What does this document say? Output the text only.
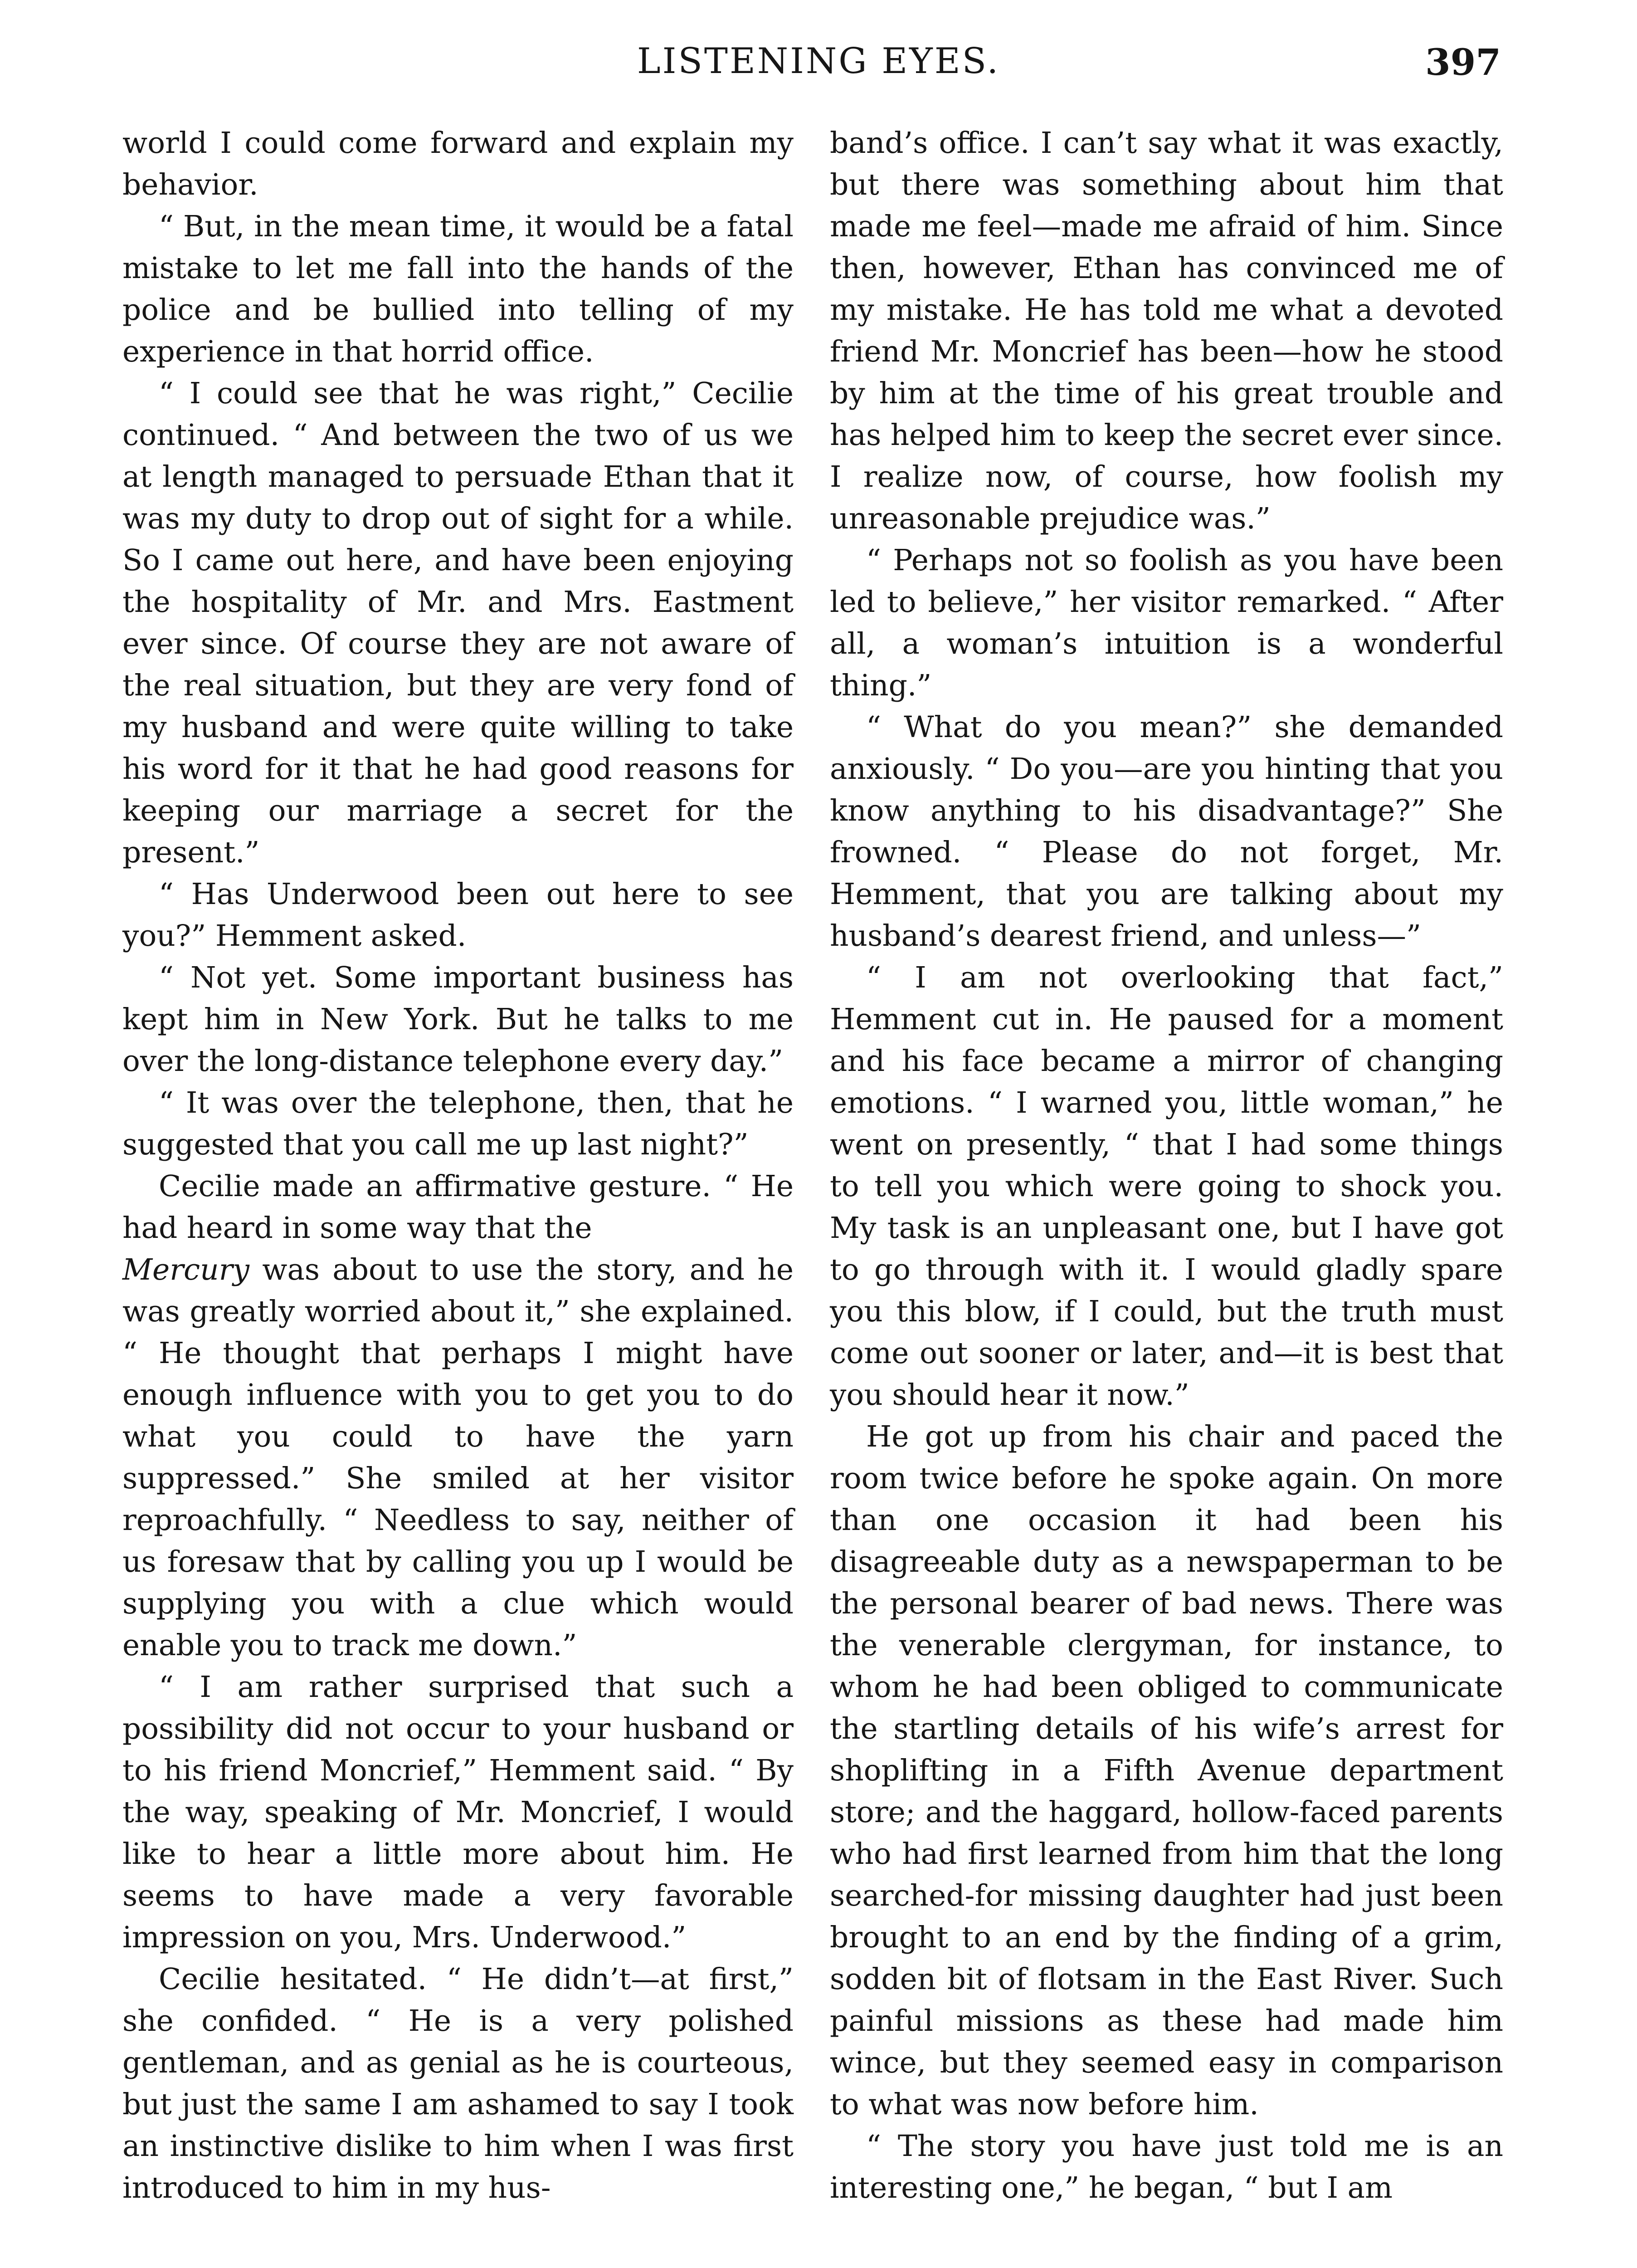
LISTENING EYES.	397

world I could come forward and explain my behavior.

“ But, in the mean time, it would be a fatal mistake to let me fall into the hands of the police and be bullied into telling of my experience in that horrid office.

“ I could see that he was right,” Cecilie continued. “ And between the two of us we at length managed to persuade Ethan that it was my duty to drop out of sight for a while. So I came out here, and have been enjoying the hospitality of Mr. and Mrs. Eastment ever since. Of course they are not aware of the real situation, but they are very fond of my husband and were quite willing to take his word for it that he had good reasons for keeping our marriage a secret for the present.”

“ Has Underwood been out here to see you?” Hemment asked.

“ Not yet. Some important business has kept him in New York. But he talks to me over the long-distance telephone every day.”

“ It was over the telephone, then, that he suggested that you call me up last night?”

Cecilie made an affirmative gesture. “ He had heard in some way that the

Mercury was about to use the story, and he was greatly worried about it,” she explained. “ He thought that perhaps I might have enough influence with you to get you to do what you could to have the yarn suppressed.” She smiled at her visitor reproachfully. “ Needless to say, neither of us foresaw that by calling you up I would be supplying you with a clue which would enable you to track me down.”

“ I am rather surprised that such a possibility did not occur to your husband or to his friend Moncrief,” Hemment said. “ By the way, speaking of Mr. Moncrief, I would like to hear a little more about him. He seems to have made a very favorable impression on you, Mrs. Underwood.”

Cecilie hesitated. “ He didn’t—at first,” she confided. “ He is a very polished gentleman, and as genial as he is courteous, but just the same I am ashamed to say I took an instinctive dislike to him when I was first introduced to him in my hus-

band’s office. I can’t say what it was exactly, but there was something about him that made me feel—made me afraid of him. Since then, however, Ethan has convinced me of my mistake. He has told me what a devoted friend Mr. Moncrief has been—how he stood by him at the time of his great trouble and has helped him to keep the secret ever since. I realize now, of course, how foolish my unreasonable prejudice was.”

“ Perhaps not so foolish as you have been led to believe,” her visitor remarked. “ After all, a woman’s intuition is a wonderful thing.”

“ What do you mean?” she demanded anxiously. “ Do you—are you hinting that you know anything to his disadvantage?” She frowned. “ Please do not forget, Mr. Hemment, that you are talking about my husband’s dearest friend, and unless—”

“ I am not overlooking that fact,” Hemment cut in. He paused for a moment and his face became a mirror of changing emotions. “ I warned you, little woman,” he went on presently, “ that I had some things to tell you which were going to shock you. My task is an unpleasant one, but I have got to go through with it. I would gladly spare you this blow, if I could, but the truth must come out sooner or later, and—it is best that you should hear it now.”

He got up from his chair and paced the room twice before he spoke again. On more than one occasion it had been his disagreeable duty as a newspaperman to be the personal bearer of bad news. There was the venerable clergyman, for instance, to whom he had been obliged to communicate the startling details of his wife’s arrest for shoplifting in a Fifth Avenue department store; and the haggard, hollow-faced parents who had first learned from him that the long searched-for missing daughter had just been brought to an end by the finding of a grim, sodden bit of flotsam in the East River. Such painful missions as these had made him wince, but they seemed easy in comparison to what was now before him.

“ The story you have just told me is an interesting one,” he began, “ but I am
